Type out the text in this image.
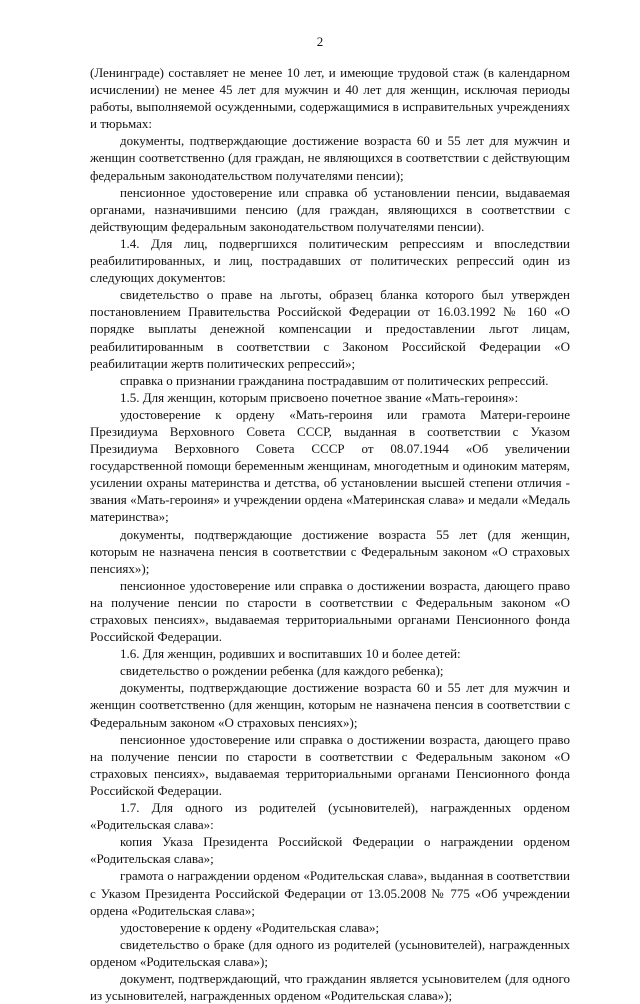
2

(Ленинграде) составляет не менее 10 лет, и имеющие трудовой стаж (в календарном исчислении) не менее 45 лет для мужчин и 40 лет для женщин, исключая периоды работы, выполняемой осужденными, содержащимися в исправительных учреждениях и тюрьмах:

документы, подтверждающие достижение возраста 60 и 55 лет для мужчин и женщин соответственно (для граждан, не являющихся в соответствии с действующим федеральным законодательством получателями пенсии);

пенсионное удостоверение или справка об установлении пенсии, выдаваемая органами, назначившими пенсию (для граждан, являющихся в соответствии с действующим федеральным законодательством получателями пенсии).

1.4. Для лиц, подвергшихся политическим репрессиям и впоследствии реабилитированных, и лиц, пострадавших от политических репрессий один из следующих документов:

свидетельство о праве на льготы, образец бланка которого был утвержден постановлением Правительства Российской Федерации от 16.03.1992 № 160 «О порядке выплаты денежной компенсации и предоставлении льгот лицам, реабилитированным в соответствии с Законом Российской Федерации «О реабилитации жертв политических репрессий»;

справка о признании гражданина пострадавшим от политических репрессий.

1.5. Для женщин, которым присвоено почетное звание «Мать-героиня»:

удостоверение к ордену «Мать-героиня или грамота Матери-героине Президиума Верховного Совета СССР, выданная в соответствии с Указом Президиума Верховного Совета СССР от 08.07.1944 «Об увеличении государственной помощи беременным женщинам, многодетным и одиноким матерям, усилении охраны материнства и детства, об установлении высшей степени отличия - звания «Мать-героиня» и учреждении ордена «Материнская слава» и медали «Медаль материнства»;

документы, подтверждающие достижение возраста 55 лет (для женщин, которым не назначена пенсия в соответствии с Федеральным законом «О страховых пенсиях»);

пенсионное удостоверение или справка о достижении возраста, дающего право на получение пенсии по старости в соответствии с Федеральным законом «О страховых пенсиях», выдаваемая территориальными органами Пенсионного фонда Российской Федерации.

1.6. Для женщин, родивших и воспитавших 10 и более детей:

свидетельство о рождении ребенка (для каждого ребенка);

документы, подтверждающие достижение возраста 60 и 55 лет для мужчин и женщин соответственно (для женщин, которым не назначена пенсия в соответствии с Федеральным законом «О страховых пенсиях»);

пенсионное удостоверение или справка о достижении возраста, дающего право на получение пенсии по старости в соответствии с Федеральным законом «О страховых пенсиях», выдаваемая территориальными органами Пенсионного фонда Российской Федерации.

1.7. Для одного из родителей (усыновителей), награжденных орденом «Родительская слава»:

копия Указа Президента Российской Федерации о награждении орденом «Родительская слава»;

грамота о награждении орденом «Родительская слава», выданная в соответствии с Указом Президента Российской Федерации от 13.05.2008 № 775 «Об учреждении ордена «Родительская слава»;

удостоверение к ордену «Родительская слава»;

свидетельство о браке (для одного из родителей (усыновителей), награжденных орденом «Родительская слава»);

документ, подтверждающий, что гражданин является усыновителем (для одного из усыновителей, награжденных орденом «Родительская слава»);
